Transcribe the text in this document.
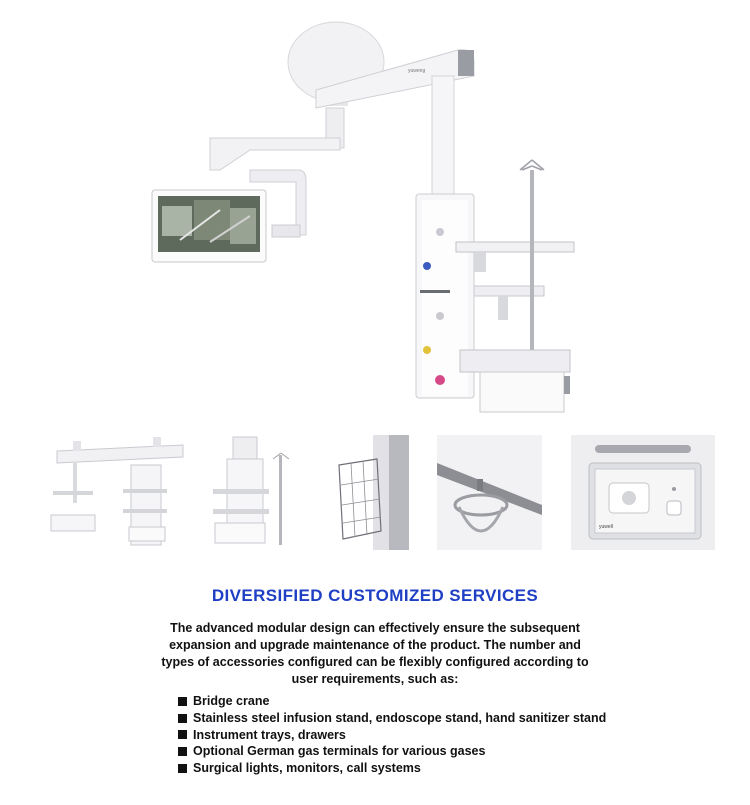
yuweng
yuwell
DIVERSIFIED CUSTOMIZED SERVICES
The advanced modular design can effectively ensure the subsequent expansion and upgrade maintenance of the product. The number and types of accessories configured can be flexibly configured according to user requirements, such as:
Bridge crane
Stainless steel infusion stand, endoscope stand, hand sanitizer stand
Instrument trays, drawers
Optional German gas terminals for various gases
Surgical lights, monitors, call systems
